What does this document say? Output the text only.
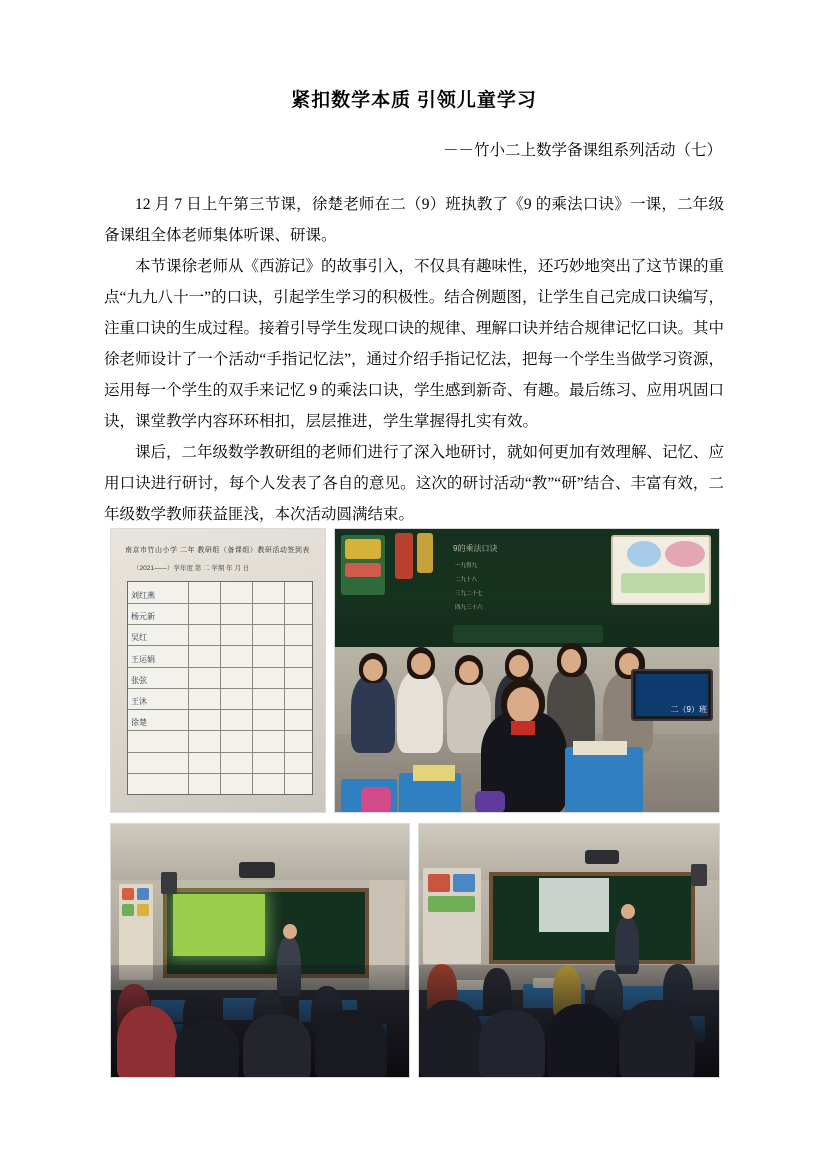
紧扣数学本质 引领儿童学习
－－竹小二上数学备课组系列活动（七）

12 月 7 日上午第三节课，徐楚老师在二（9）班执教了《9 的乘法口诀》一课，二年级备课组全体老师集体听课、研课。

本节课徐老师从《西游记》的故事引入，不仅具有趣味性，还巧妙地突出了这节课的重点“九九八十一”的口诀，引起学生学习的积极性。结合例题图，让学生自己完成口诀编写，注重口诀的生成过程。接着引导学生发现口诀的规律、理解口诀并结合规律记忆口诀。其中徐老师设计了一个活动“手指记忆法”，通过介绍手指记忆法，把每一个学生当做学习资源，运用每一个学生的双手来记忆 9 的乘法口诀，学生感到新奇、有趣。最后练习、应用巩固口诀，课堂教学内容环环相扣，层层推进，学生掌握得扎实有效。

课后，二年级数学教研组的老师们进行了深入地研讨，就如何更加有效理解、记忆、应用口诀进行研讨，每个人发表了各自的意见。这次的研讨活动“教”“研”结合、丰富有效，二年级数学教师获益匪浅，本次活动圆满结束。

南京市竹山小学 二年 教研组（备课组）教研活动签到表
（2021——）学年度 第 二 学期 年 月 日
刘红燕
杨元新
吴红
王运娟
张弦
王沐
徐楚
9的乘法口诀
一九得九
二九十八
三九二十七
四九三十六
二（9）班
